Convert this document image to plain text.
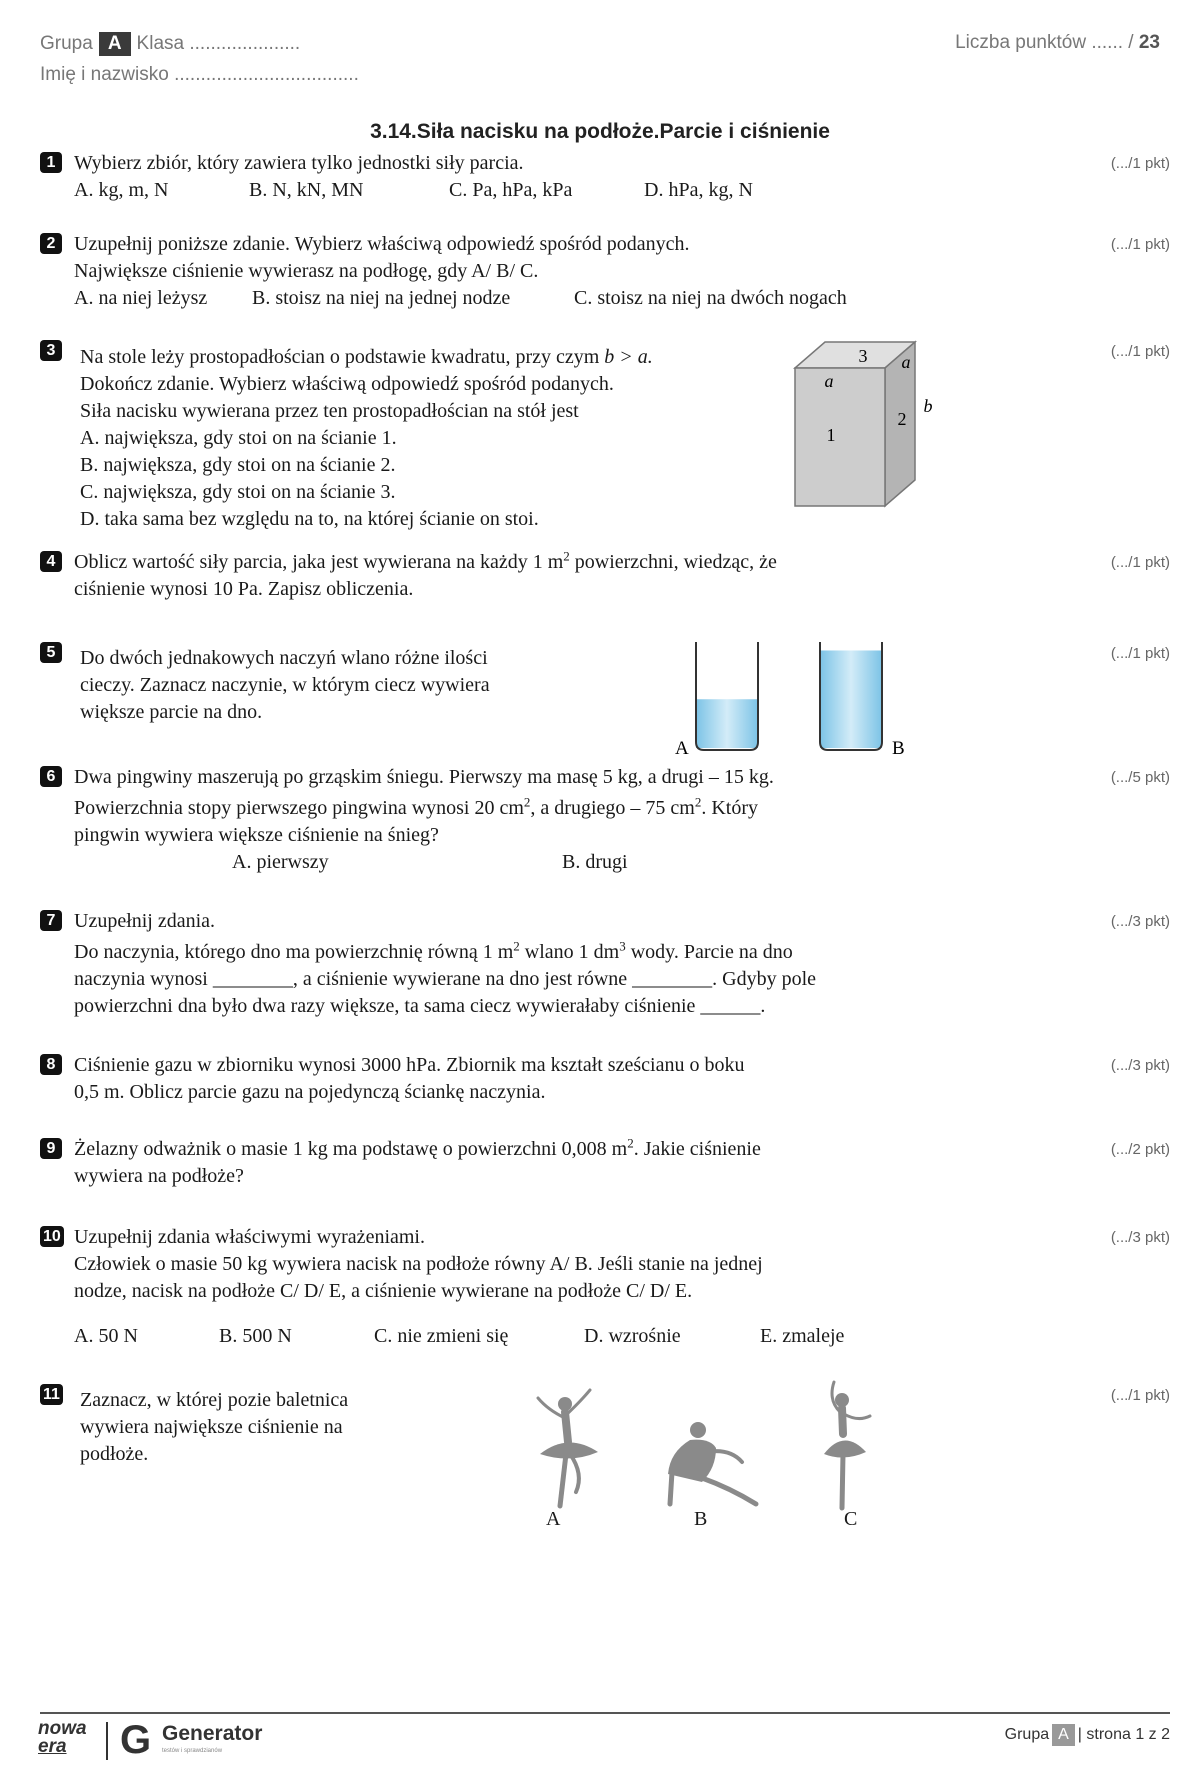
Grupa A Klasa .....................
Imię i nazwisko ...................................
Liczba punktów ...... / 23
3.14.Siła nacisku na podłoże.Parcie i ciśnienie
1 Wybierz zbiór, który zawiera tylko jednostki siły parcia.
A. kg, m, N	B. N, kN, MN	C. Pa, hPa, kPa	D. hPa, kg, N
(.../1 pkt)
2 Uzupełnij poniższe zdanie. Wybierz właściwą odpowiedź spośród podanych.
Największe ciśnienie wywierasz na podłogę, gdy A/ B/ C.
A. na niej leżysz B. stoisz na niej na jednej nodze	C. stoisz na niej na dwóch nogach
(.../1 pkt)
3	Na stole leży prostopadłościan o podstawie kwadratu, przy czym b > a.
Dokończ zdanie. Wybierz właściwą odpowiedź spośród podanych.
Siła nacisku wywierana przez ten prostopadłościan na stół jest
A. największa, gdy stoi on na ścianie 1.
B. największa, gdy stoi on na ścianie 2.
C. największa, gdy stoi on na ścianie 3.
D. taka sama bez względu na to, na której ścianie on stoi.
3 a
a
2
b
1
(.../1 pkt)
4 Oblicz wartość siły parcia, jaka jest wywierana na każdy 1 $m^2$ powierzchni, wiedząc, że
ciśnienie wynosi 10 Pa. Zapisz obliczenia.
(.../1 pkt)
5	Do dwóch jednakowych naczyń wlano różne ilości
cieczy. Zaznacz naczynie, w którym ciecz wywiera
większe parcie na dno.
A	B
(.../1 pkt)
6 Dwa pingwiny maszerują po grząskim śniegu. Pierwszy ma masę 5 kg, a drugi – 15 kg.
Powierzchnia stopy pierwszego pingwina wynosi 20 $cm^2$, a drugiego – 75 $cm^2$. Który
pingwin wywiera większe ciśnienie na śnieg?
A. pierwszy	B. drugi
(.../5 pkt)
7 Uzupełnij zdania.
Do naczynia, którego dno ma powierzchnię równą 1 $m^2$ wlano 1 $dm^3$ wody. Parcie na dno
naczynia wynosi ________, a ciśnienie wywierane na dno jest równe ________. Gdyby pole
powierzchni dna było dwa razy większe, ta sama ciecz wywierałaby ciśnienie ______.
(.../3 pkt)
8 Ciśnienie gazu w zbiorniku wynosi 3000 hPa. Zbiornik ma kształt sześcianu o boku
0,5 m. Oblicz parcie gazu na pojedynczą ściankę naczynia.
(.../3 pkt)
9 Żelazny odważnik o masie 1 kg ma podstawę o powierzchni 0,008 $m^2$. Jakie ciśnienie
wywiera na podłoże?
(.../2 pkt)
10 Uzupełnij zdania właściwymi wyrażeniami.
Człowiek o masie 50 kg wywiera nacisk na podłoże równy A/ B. Jeśli stanie na jednej
nodze, nacisk na podłoże C/ D/ E, a ciśnienie wywierane na podłoże C/ D/ E.
A. 50 N	B. 500 N	C. nie zmieni się	D. wzrośnie	E. zmaleje
(.../3 pkt)
11 Zaznacz, w której pozie baletnica
wywiera największe ciśnienie na
podłoże.
A	B	C
(.../1 pkt)
nowa
era	G Generator
testów i sprawdzianów
Grupa A | strona 1 z 2
